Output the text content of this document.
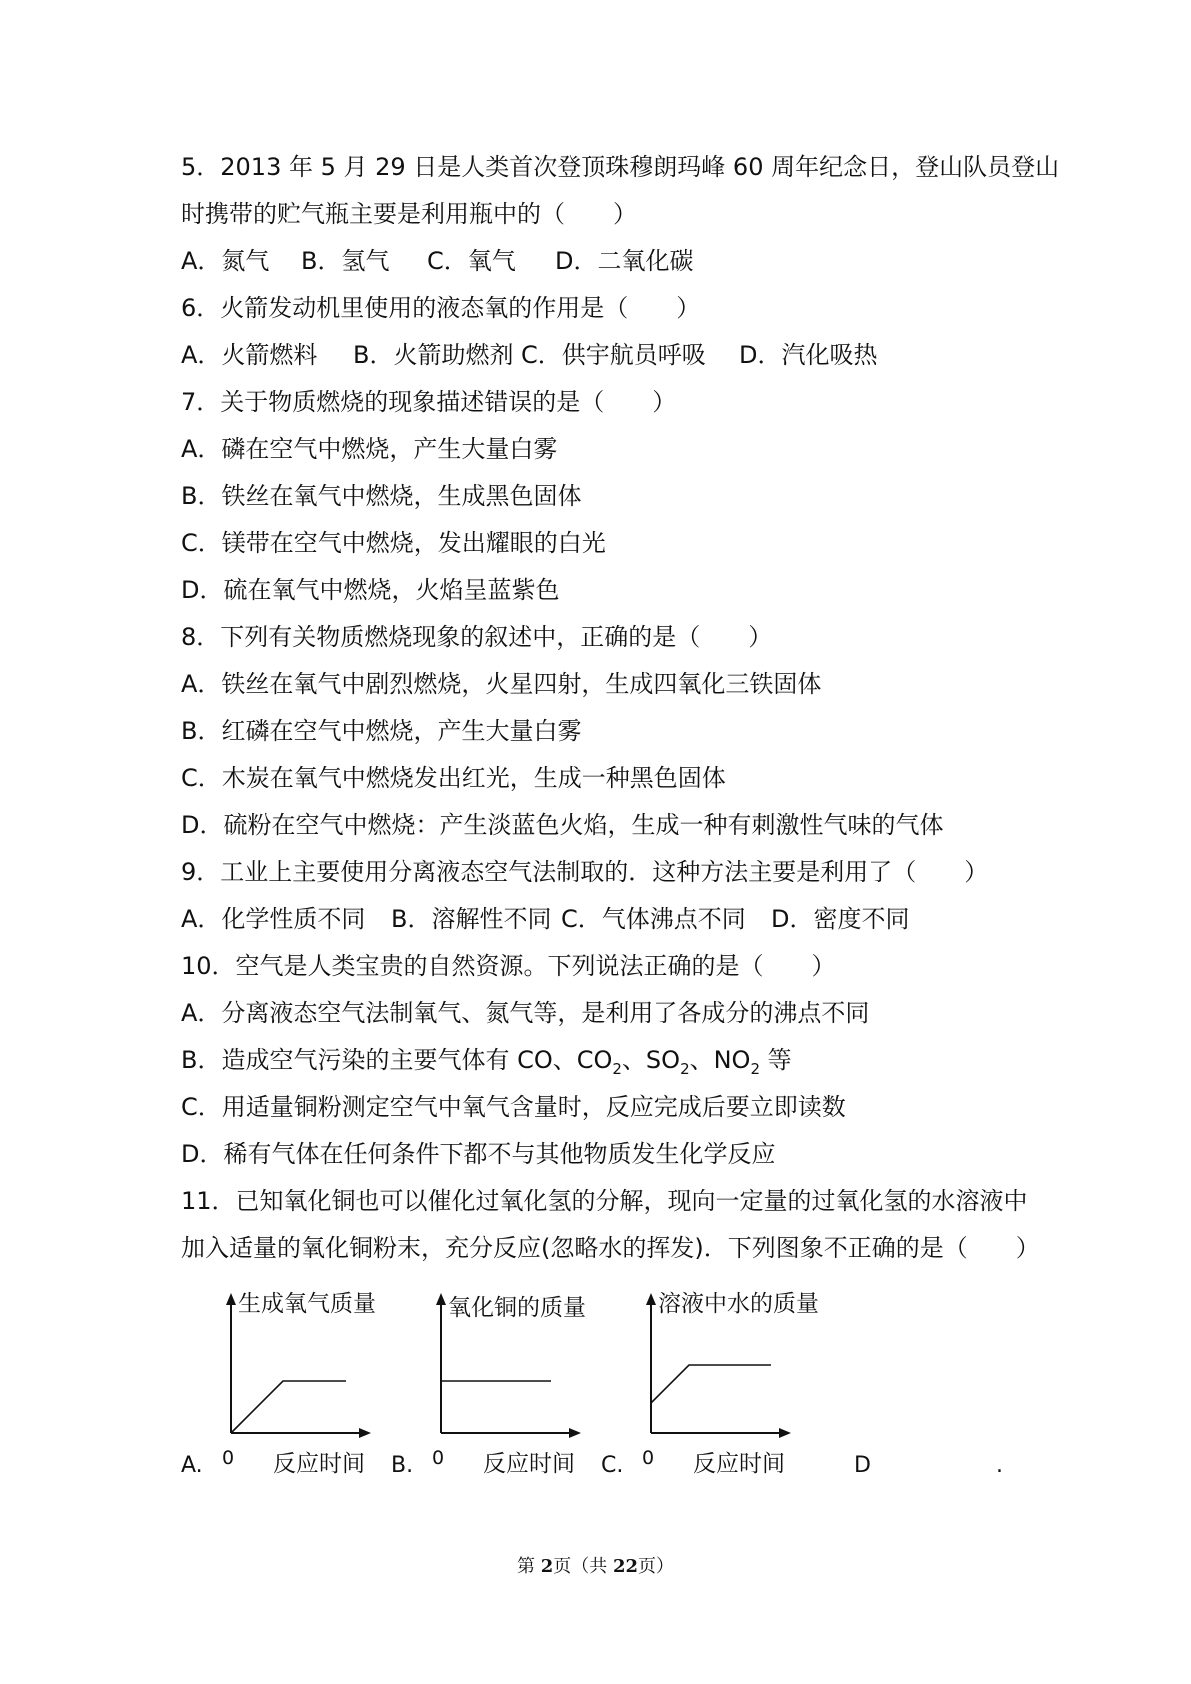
5．2013 年 5 月 29 日是人类首次登顶珠穆朗玛峰 60 周年纪念日，登山队员登山
时携带的贮气瓶主要是利用瓶中的（　　）
A．氮气 B．氢气 C．氧气 D．二氧化碳
6．火箭发动机里使用的液态氧的作用是（　　）
A．火箭燃料 B．火箭助燃剂 C．供宇航员呼吸 D．汽化吸热
7．关于物质燃烧的现象描述错误的是（　　）
A．磷在空气中燃烧，产生大量白雾
B．铁丝在氧气中燃烧，生成黑色固体
C．镁带在空气中燃烧，发出耀眼的白光
D．硫在氧气中燃烧，火焰呈蓝紫色
8．下列有关物质燃烧现象的叙述中，正确的是（　　）
A．铁丝在氧气中剧烈燃烧，火星四射，生成四氧化三铁固体
B．红磷在空气中燃烧，产生大量白雾
C．木炭在氧气中燃烧发出红光，生成一种黑色固体
D．硫粉在空气中燃烧：产生淡蓝色火焰，生成一种有刺激性气味的气体
9．工业上主要使用分离液态空气法制取的．这种方法主要是利用了（　　）
A．化学性质不同 B．溶解性不同 C．气体沸点不同 D．密度不同
10．空气是人类宝贵的自然资源。下列说法正确的是（　　）
A．分离液态空气法制氧气、氮气等，是利用了各成分的沸点不同
B．造成空气污染的主要气体有 CO、$CO_2$、$SO_2$、$NO_2$ 等
C．用适量铜粉测定空气中氧气含量时，反应完成后要立即读数
D．稀有气体在任何条件下都不与其他物质发生化学反应
11．已知氧化铜也可以催化过氧化氢的分解，现向一定量的过氧化氢的水溶液中
加入适量的氧化铜粉末，充分反应(忽略水的挥发)．下列图象不正确的是（　　）
A.
生成氧气质量
0 反应时间 B.
氧化铜的质量
0 反应时间 C.
溶液中水的质量
0 反应时间	D	.
第 2页（共 22页）
